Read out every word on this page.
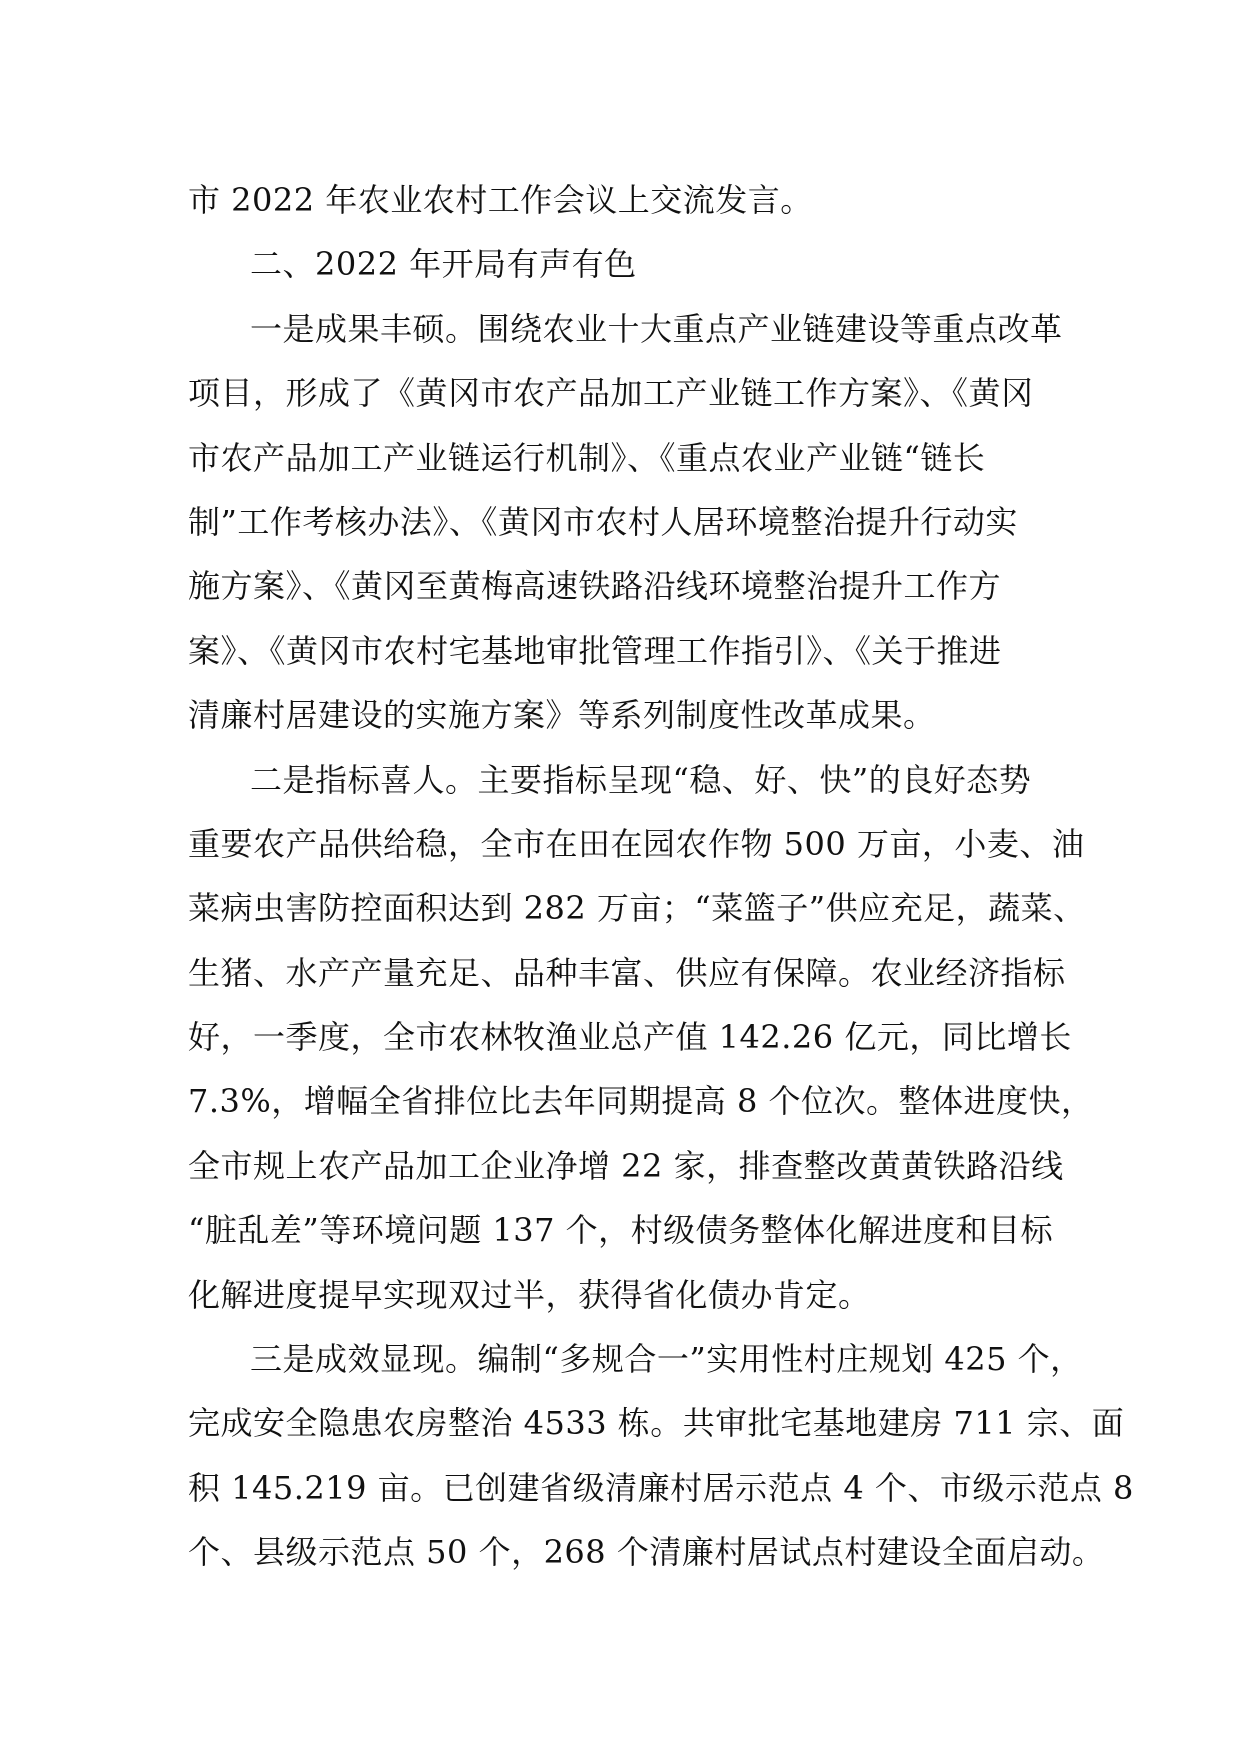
市 2022 年农业农村工作会议上交流发言。
二、2022 年开局有声有色
一是成果丰硕。围绕农业十大重点产业链建设等重点改革
项目，形成了《黄冈市农产品加工产业链工作方案》、《黄冈
市农产品加工产业链运行机制》、《重点农业产业链“链长
制”工作考核办法》、《黄冈市农村人居环境整治提升行动实
施方案》、《黄冈至黄梅高速铁路沿线环境整治提升工作方
案》、《黄冈市农村宅基地审批管理工作指引》、《关于推进
清廉村居建设的实施方案》等系列制度性改革成果。
二是指标喜人。主要指标呈现“稳、好、快”的良好态势
重要农产品供给稳，全市在田在园农作物 500 万亩，小麦、油
菜病虫害防控面积达到 282 万亩；“菜篮子”供应充足，蔬菜、
生猪、水产产量充足、品种丰富、供应有保障。农业经济指标
好，一季度，全市农林牧渔业总产值 142.26 亿元，同比增长
7.3%，增幅全省排位比去年同期提高 8 个位次。整体进度快，
全市规上农产品加工企业净增 22 家，排查整改黄黄铁路沿线
“脏乱差”等环境问题 137 个，村级债务整体化解进度和目标
化解进度提早实现双过半，获得省化债办肯定。
三是成效显现。编制“多规合一”实用性村庄规划 425 个，
完成安全隐患农房整治 4533 栋。共审批宅基地建房 711 宗、面
积 145.219 亩。已创建省级清廉村居示范点 4 个、市级示范点 8
个、县级示范点 50 个，268 个清廉村居试点村建设全面启动。
